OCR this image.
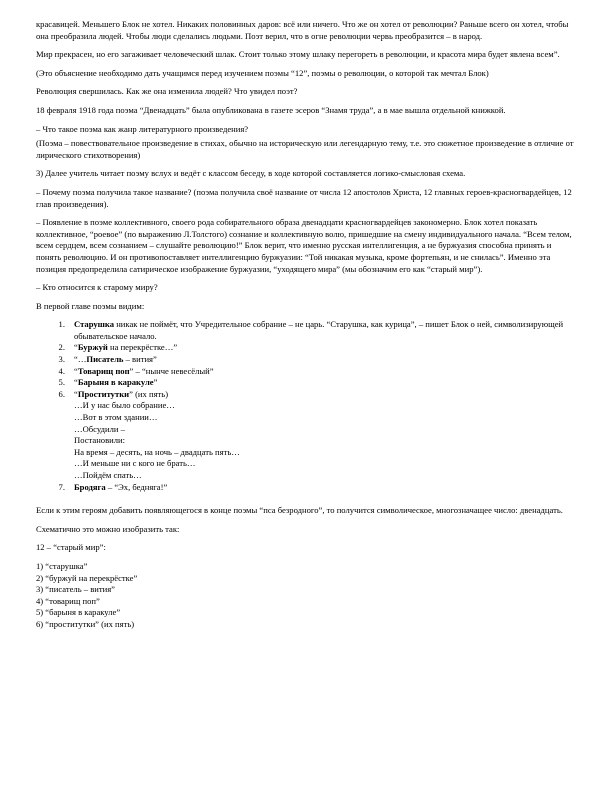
красавицей. Меньшего Блок не хотел. Никаких половинных даров: всё или ничего. Что же он хотел от революции? Раньше всего он хотел, чтобы она преобразила людей. Чтобы люди сделались людьми. Поэт верил, что в огне революции червь преобразится – в народ.

Мир прекрасен, но его загаживает человеческий шлак. Стоит только этому шлаку перегореть в революции, и красота мира будет явлена всем”.

(Это объяснение необходимо дать учащимся перед изучением поэмы “12”, поэмы о революции, о которой так мечтал Блок)

Революция свершилась. Как же она изменила людей? Что увидел поэт?

18 февраля 1918 года поэма “Двенадцать” была опубликована в газете эсеров “Знамя труда”, а в мае вышла отдельной книжкой.

– Что такое поэма как жанр литературного произведения?

(Поэма – повествовательное произведение в стихах, обычно на историческую или легендарную тему, т.е. это сюжетное произведение в отличие от лирического стихотворения)

3) Далее учитель читает поэму вслух и ведёт с классом беседу, в ходе которой составляется логико-смысловая схема.

– Почему поэма получила такое название? (поэма получила своё название от числа 12 апостолов Христа, 12 главных героев-красногвардейцев, 12 глав произведения).

– Появление в поэме коллективного, своего рода собирательного образа двенадцати красногвардейцев закономерно. Блок хотел показать коллективное, “роевое” (по выражению Л.Толстого) сознание и коллективную волю, пришедшие на смену индивидуального начала. “Всем телом, всем сердцем, всем сознанием – слушайте революцию!” Блок верит, что именно русская интеллигенция, а не буржуазия способна принять и понять революцию. И он противопоставляет интеллигенцию буржуазии: “Той никакая музыка, кроме фортепьян, и не снилась”. Именно эта позиция предопределила сатирическое изображение буржуазии, “уходящего мира” (мы обозначим его как “старый мир”).

– Кто относится к старому миру?

В первой главе поэмы видим:

1.	Старушка никак не поймёт, что Учредительное собрание – не царь. “Старушка, как курица”, – пишет Блок о ней, символизирующей обывательское начало.
2.	“Буржуй на перекрёстке…”
3.	“…Писатель – вития”
4.	“Товарищ поп” – “нынче невесёлый”
5.	“Барыня в каракуле”
6.	“Проститутки” (их пять)
…И у нас было собрание…
…Вот в этом здании…
…Обсудили –
Постановили:
На время – десять, на ночь – двадцать пять…
…И меньше ни с кого не брать…
…Пойдём спать…
7.	Бродяга – “Эх, бедняга!”

Если к этим героям добавить появляющегося в конце поэмы “пса безродного”, то получится символическое, многозначащее число: двенадцать.

Схематично это можно изобразить так:

12 – “старый мир”:

1) “старушка”
2) “буржуй на перекрёстке”
3) “писатель – вития”
4) “товарищ поп”
5) “барыня в каракуле”
6) “проститутки” (их пять)
